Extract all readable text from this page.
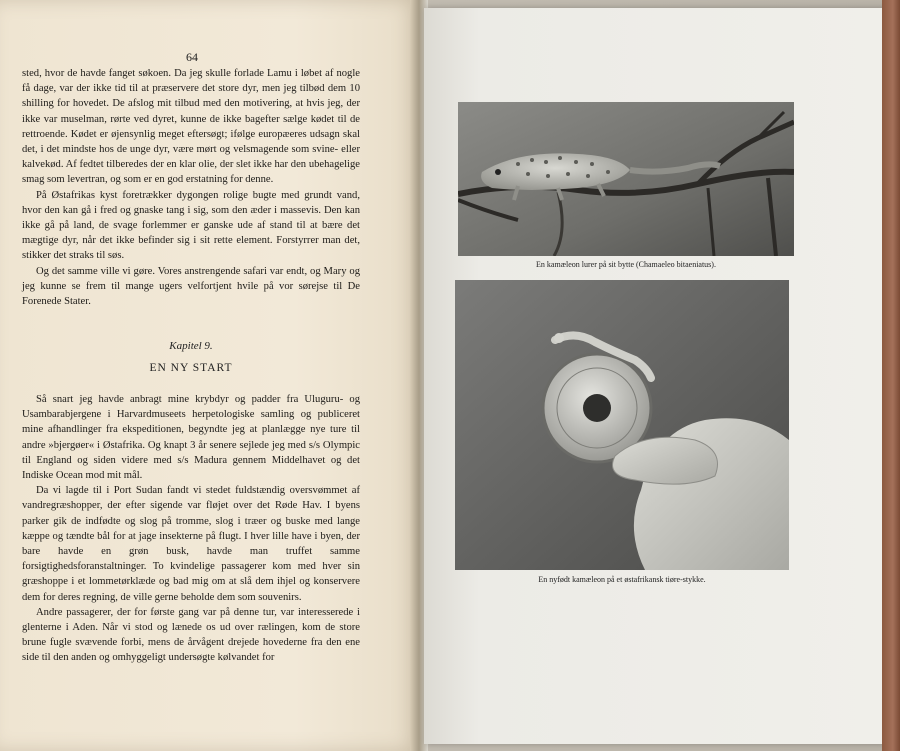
64

sted, hvor de havde fanget søkoen. Da jeg skulle forlade Lamu i løbet af nogle få dage, var der ikke tid til at præservere det store dyr, men jeg tilbød dem 10 shilling for hovedet. De afslog mit tilbud med den motivering, at hvis jeg, der ikke var muselman, rørte ved dyret, kunne de ikke bagefter sælge kødet til de rettroende. Kødet er øjensynlig meget eftersøgt; ifølge europæeres udsagn skal det, i det mindste hos de unge dyr, være mørt og velsmagende som svine- eller kalvekød. Af fedtet tilberedes der en klar olie, der slet ikke har den ubehagelige smag som levertran, og som er en god erstatning for denne.

På Østafrikas kyst foretrækker dygongen rolige bugte med grundt vand, hvor den kan gå i fred og gnaske tang i sig, som den æder i massevis. Den kan ikke gå på land, de svage forlemmer er ganske ude af stand til at bære det mægtige dyr, når det ikke befinder sig i sit rette element. Forstyrrer man det, stikker det straks til søs.

Og det samme ville vi gøre. Vores anstrengende safari var endt, og Mary og jeg kunne se frem til mange ugers velfortjent hvile på vor sørejse til De Forenede Stater.

Kapitel 9.
EN NY START

Så snart jeg havde anbragt mine krybdyr og padder fra Uluguru- og Usambarabjergene i Harvardmuseets herpetologiske samling og publiceret mine afhandlinger fra ekspeditionen, begyndte jeg at planlægge nye ture til andre »bjergøer« i Østafrika. Og knapt 3 år senere sejlede jeg med s/s Olympic til England og siden videre med s/s Madura gennem Middelhavet og det Indiske Ocean mod mit mål.

Da vi lagde til i Port Sudan fandt vi stedet fuldstændig oversvømmet af vandregræshopper, der efter sigende var fløjet over det Røde Hav. I byens parker gik de indfødte og slog på tromme, slog i træer og buske med lange kæppe og tændte bål for at jage insekterne på flugt. I hver lille have i byen, der bare havde en grøn busk, havde man truffet samme forsigtighedsforanstaltninger. To kvindelige passagerer kom med hver sin græshoppe i et lommetørklæde og bad mig om at slå dem ihjel og konservere dem for deres regning, de ville gerne beholde dem som souvenirs.

Andre passagerer, der for første gang var på denne tur, var interesserede i glenterne i Aden. Når vi stod og lænede os ud over rælingen, kom de store brune fugle svævende forbi, mens de årvågent drejede hovederne fra den ene side til den anden og omhyggeligt undersøgte kølvandet for

En kamæleon lurer på sit bytte (Chamaeleo bitaeniatus).
En nyfødt kamæleon på et østafrikansk tiøre-stykke.
